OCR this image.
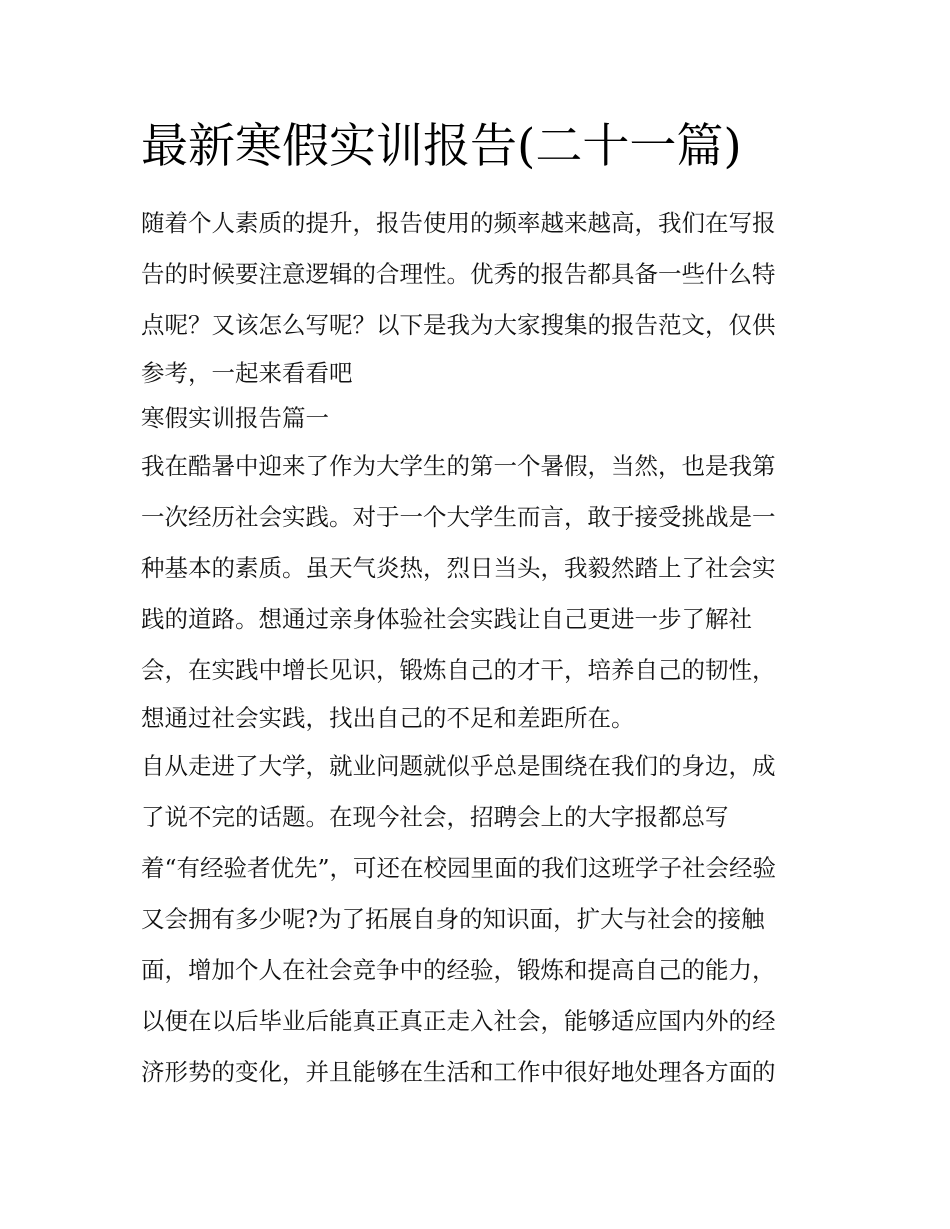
最新寒假实训报告(二十一篇)
随着个人素质的提升，报告使用的频率越来越高，我们在写报
告的时候要注意逻辑的合理性。优秀的报告都具备一些什么特
点呢？又该怎么写呢？以下是我为大家搜集的报告范文，仅供
参考，一起来看看吧
寒假实训报告篇一
我在酷暑中迎来了作为大学生的第一个暑假，当然，也是我第
一次经历社会实践。对于一个大学生而言，敢于接受挑战是一
种基本的素质。虽天气炎热，烈日当头，我毅然踏上了社会实
践的道路。想通过亲身体验社会实践让自己更进一步了解社
会，在实践中增长见识，锻炼自己的才干，培养自己的韧性，
想通过社会实践，找出自己的不足和差距所在。
自从走进了大学，就业问题就似乎总是围绕在我们的身边，成
了说不完的话题。在现今社会，招聘会上的大字报都总写
着“有经验者优先”，可还在校园里面的我们这班学子社会经验
又会拥有多少呢?为了拓展自身的知识面，扩大与社会的接触
面，增加个人在社会竞争中的经验，锻炼和提高自己的能力，
以便在以后毕业后能真正真正走入社会，能够适应国内外的经
济形势的变化，并且能够在生活和工作中很好地处理各方面的
